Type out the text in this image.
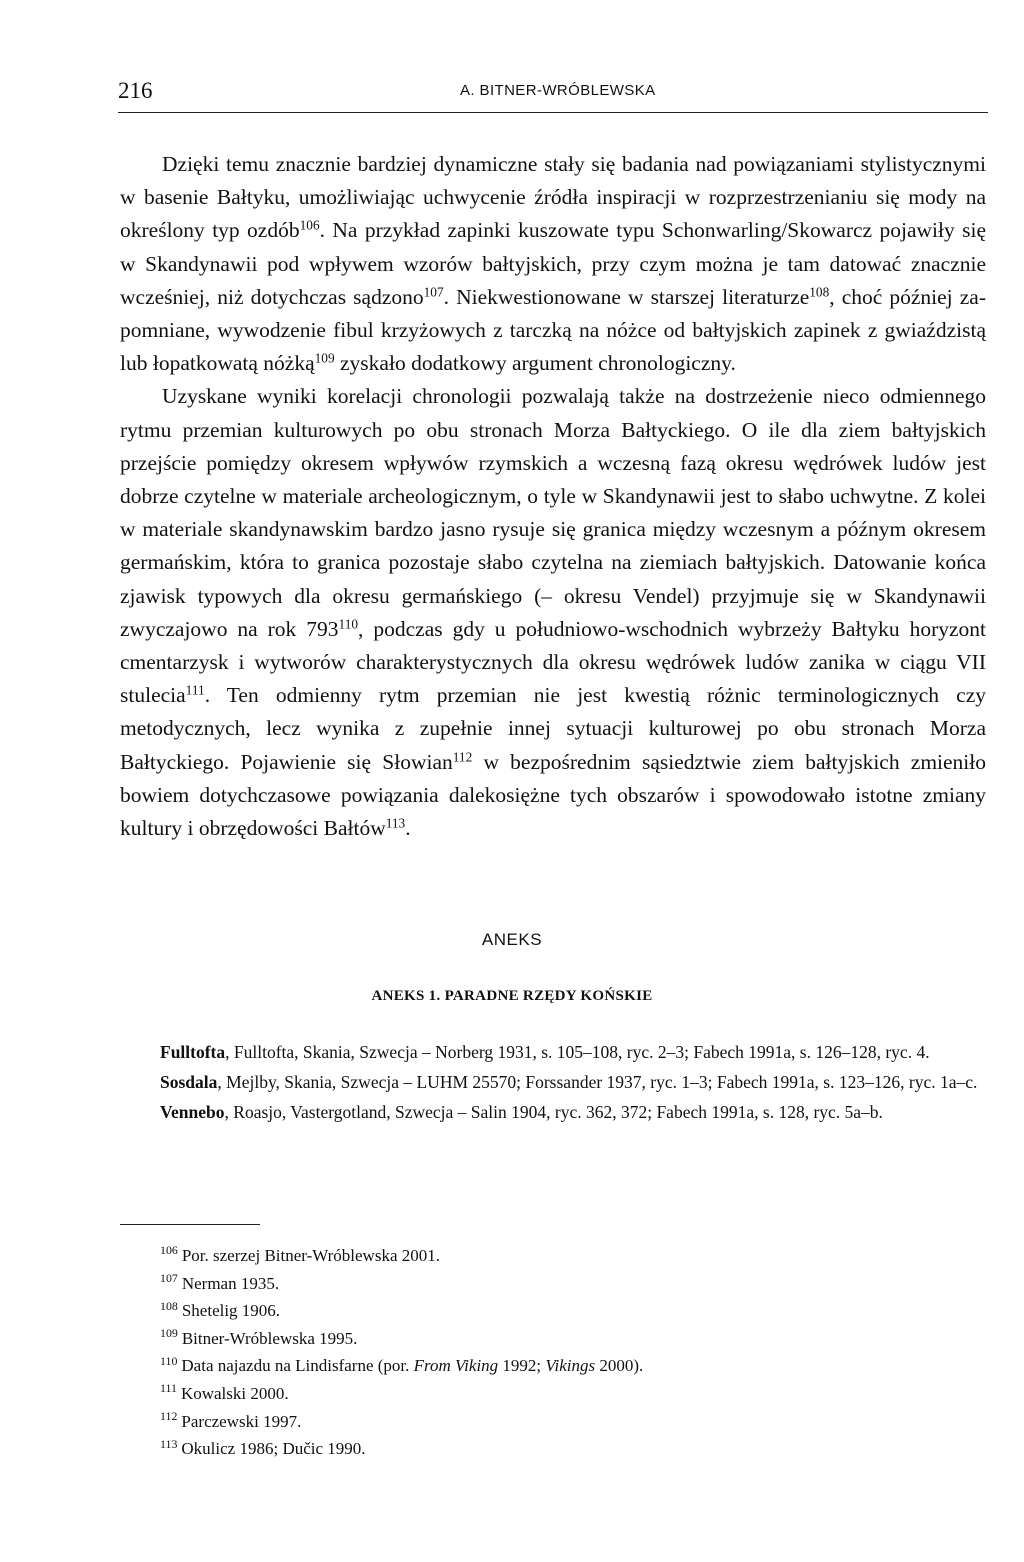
216	A. BITNER-WRÓBLEWSKA

Dzięki temu znacznie bardziej dynamiczne stały się badania nad powiązaniami stylistycznymi w basenie Bałtyku, umożliwiając uchwycenie źródła inspiracji w rozprzestrzenianiu się mody na określony typ ozdób$^{106}$. Na przykład zapinki kuszowate typu Schonwarling/Skowarcz pojawiły się w Skandynawii pod wpływem wzorów bałtyjskich, przy czym można je tam datować znacznie wcześniej, niż dotychczas sądzono$^{107}$. Niekwestionowane w starszej literaturze$^{108}$, choć później zapomniane, wywodzenie fibul krzyżowych z tarczką na nóżce od bałtyjskich zapinek z gwiaździstą lub łopatkowatą nóżką$^{109}$ zyskało dodatkowy argument chronologiczny.

Uzyskane wyniki korelacji chronologii pozwalają także na dostrzeżenie nieco odmiennego rytmu przemian kulturowych po obu stronach Morza Bałtyckiego. O ile dla ziem bałtyjskich przejście pomiędzy okresem wpływów rzymskich a wczesną fazą okresu wędrówek ludów jest dobrze czytelne w materiale archeologicznym, o tyle w Skandynawii jest to słabo uchwytne. Z kolei w materiale skandynawskim bardzo jasno rysuje się granica między wczesnym a późnym okresem germańskim, która to granica pozostaje słabo czytelna na ziemiach bałtyjskich. Datowanie końca zjawisk typowych dla okresu germańskiego (– okresu Vendel) przyjmuje się w Skandynawii zwyczajowo na rok $793^{110}$, podczas gdy u południowo-wschodnich wybrzeży Bałtyku horyzont cmentarzysk i wytworów charakterystycznych dla okresu wędrówek ludów zanika w ciągu VII stulecia$^{111}$. Ten odmienny rytm przemian nie jest kwestią różnic terminologicznych czy metodycznych, lecz wynika z zupełnie innej sytuacji kulturowej po obu stronach Morza Bałtyckiego. Pojawienie się Słowian$^{112}$ w bezpośrednim sąsiedztwie ziem bałtyjskich zmieniło bowiem dotychczasowe powiązania dalekosiężne tych obszarów i spowodowało istotne zmiany kultury i obrzędowości Bałtów$^{113}$.

ANEKS
ANEKS 1. PARADNE RZĘDY KOŃSKIE
Fulltofta, Fulltofta, Skania, Szwecja – Norberg 1931, s. 105–108, ryc. 2–3; Fabech 1991a, s. 126–128, ryc. 4.
Sosdala, Mejlby, Skania, Szwecja – LUHM 25570; Forssander 1937, ryc. 1–3; Fabech 1991a, s. 123–126, ryc. 1a–c.
Vennebo, Roasjo, Vastergotland, Szwecja – Salin 1904, ryc. 362, 372; Fabech 1991a, s. 128, ryc. 5a–b.
$^{106}$ Por. szerzej Bitner-Wróblewska 2001.
$^{107}$ Nerman 1935.
$^{108}$ Shetelig 1906.
$^{109}$ Bitner-Wróblewska 1995.
$^{110}$ Data najazdu na Lindisfarne (por. From Viking 1992; Vikings 2000).
$^{111}$ Kowalski 2000.
$^{112}$ Parczewski 1997.
$^{113}$ Okulicz 1986; Dučic 1990.
